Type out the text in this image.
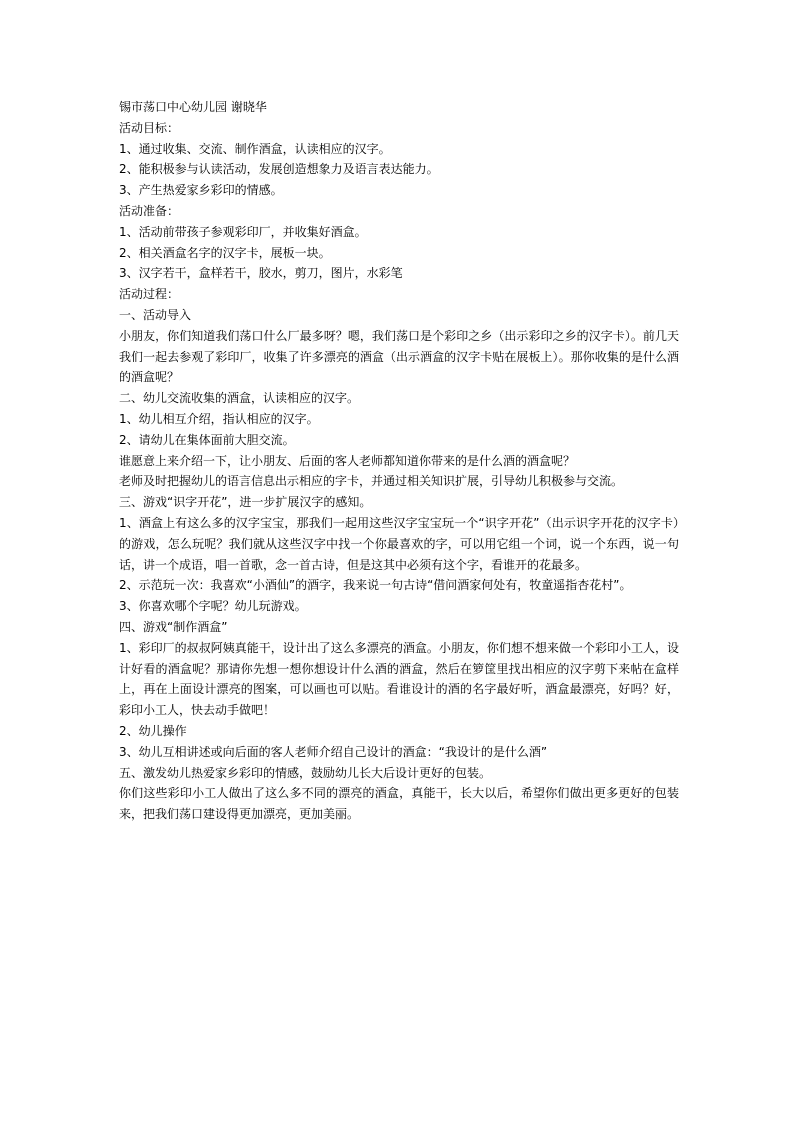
锡市荡口中心幼儿园 谢晓华
活动目标：
1、通过收集、交流、制作酒盒，认读相应的汉字。
2、能积极参与认读活动，发展创造想象力及语言表达能力。
3、产生热爱家乡彩印的情感。
活动准备：
1、活动前带孩子参观彩印厂，并收集好酒盒。
2、相关酒盒名字的汉字卡，展板一块。
3、汉字若干，盒样若干，胶水，剪刀，图片，水彩笔
活动过程：
一、活动导入
小朋友，你们知道我们荡口什么厂最多呀？嗯，我们荡口是个彩印之乡（出示彩印之乡的汉字卡）。前几天我们一起去参观了彩印厂，收集了许多漂亮的酒盒（出示酒盒的汉字卡贴在展板上）。那你收集的是什么酒的酒盒呢？
二、幼儿交流收集的酒盒，认读相应的汉字。
1、幼儿相互介绍，指认相应的汉字。
2、请幼儿在集体面前大胆交流。
谁愿意上来介绍一下，让小朋友、后面的客人老师都知道你带来的是什么酒的酒盒呢？
老师及时把握幼儿的语言信息出示相应的字卡，并通过相关知识扩展，引导幼儿积极参与交流。
三、游戏“识字开花”，进一步扩展汉字的感知。
1、酒盒上有这么多的汉字宝宝，那我们一起用这些汉字宝宝玩一个“识字开花”（出示识字开花的汉字卡）的游戏，怎么玩呢？我们就从这些汉字中找一个你最喜欢的字，可以用它组一个词，说一个东西，说一句话，讲一个成语，唱一首歌，念一首古诗，但是这其中必须有这个字，看谁开的花最多。
2、示范玩一次：我喜欢“小酒仙”的酒字，我来说一句古诗“借问酒家何处有，牧童遥指杏花村”。
3、你喜欢哪个字呢？幼儿玩游戏。
四、游戏“制作酒盒”
1、彩印厂的叔叔阿姨真能干，设计出了这么多漂亮的酒盒。小朋友，你们想不想来做一个彩印小工人，设计好看的酒盒呢？那请你先想一想你想设计什么酒的酒盒，然后在箩筐里找出相应的汉字剪下来帖在盒样上，再在上面设计漂亮的图案，可以画也可以贴。看谁设计的酒的名字最好听，酒盒最漂亮，好吗？好，彩印小工人，快去动手做吧！
2、幼儿操作
3、幼儿互相讲述或向后面的客人老师介绍自己设计的酒盒：“我设计的是什么酒”
五、激发幼儿热爱家乡彩印的情感，鼓励幼儿长大后设计更好的包装。
你们这些彩印小工人做出了这么多不同的漂亮的酒盒，真能干，长大以后，希望你们做出更多更好的包装来，把我们荡口建设得更加漂亮，更加美丽。
